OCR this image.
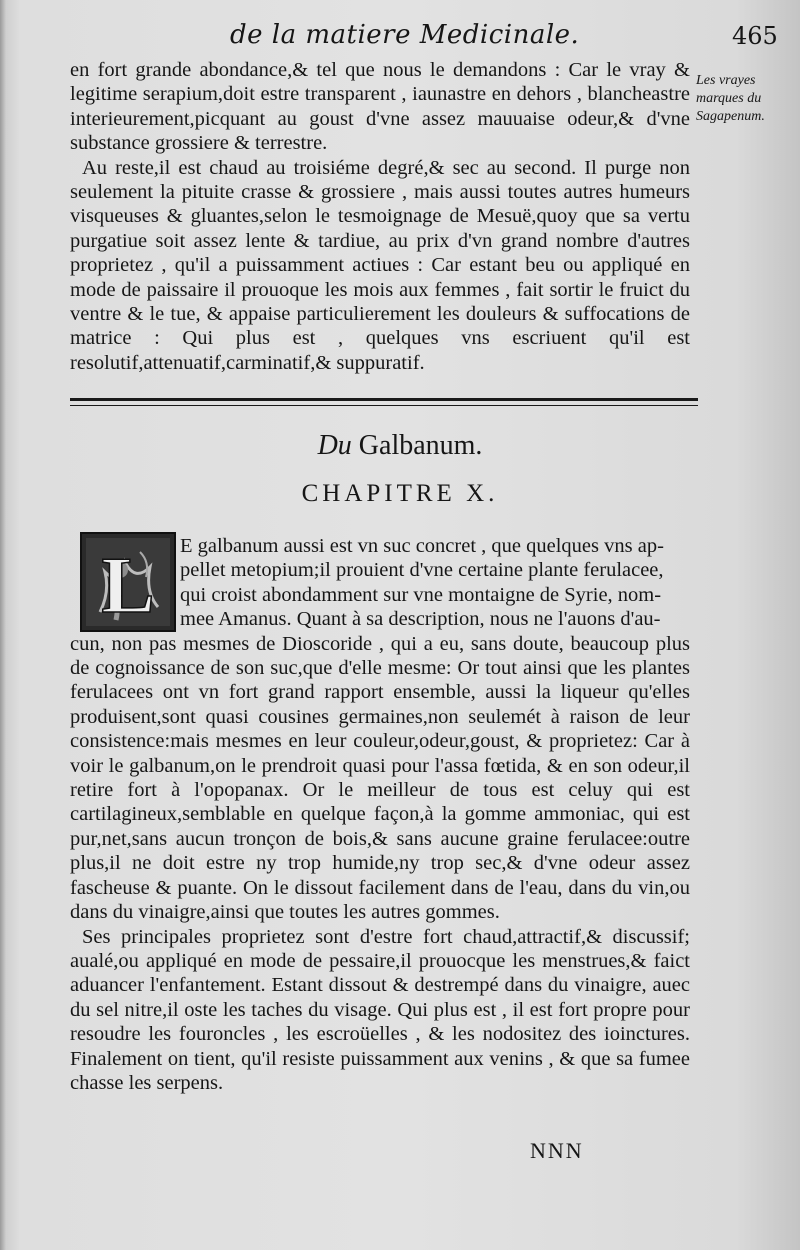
de la matiere Medicinale.	465

en fort grande abondance,& tel que nous le demandons : Car le vray & legitime serapium,doit estre transparent , iaunastre en dehors , blancheastre interieurement,picquant au goust d'vne assez mauuaise odeur,& d'vne substance grossiere & terrestre.

Au reste,il est chaud au troisiéme degré,& sec au second. Il purge non seulement la pituite crasse & grossiere , mais aussi toutes autres humeurs visqueuses & gluantes,selon le tesmoignage de Mesuë,quoy que sa vertu purgatiue soit assez lente & tardiue, au prix d'vn grand nombre d'autres proprietez , qu'il a puissamment actiues : Car estant beu ou appliqué en mode de paissaire il prouoque les mois aux femmes , fait sortir le fruict du ventre & le tue, & appaise particulierement les douleurs & suffocations de matrice : Qui plus est , quelques vns escriuent qu'il est resolutif,attenuatif,carminatif,& suppuratif.

Les vrayes marques du Sagapenum.
Du Galbanum.
CHAPITRE X.
L	E galbanum aussi est vn suc concret , que quelques vns ap-
pellet metopium;il prouient d'vne certaine plante ferulacee,
qui croist abondamment sur vne montaigne de Syrie, nom-
mee Amanus. Quant à sa description, nous ne l'auons d'au-

cun, non pas mesmes de Dioscoride , qui a eu, sans doute, beaucoup plus de cognoissance de son suc,que d'elle mesme: Or tout ainsi que les plantes ferulacees ont vn fort grand rapport ensemble, aussi la liqueur qu'elles produisent,sont quasi cousines germaines,non seulemét à raison de leur consistence:mais mesmes en leur couleur,odeur,goust, & proprietez: Car à voir le galbanum,on le prendroit quasi pour l'assa fœtida, & en son odeur,il retire fort à l'opopanax. Or le meilleur de tous est celuy qui est cartilagineux,semblable en quelque façon,à la gomme ammoniac, qui est pur,net,sans aucun tronçon de bois,& sans aucune graine ferulacee:outre plus,il ne doit estre ny trop humide,ny trop sec,& d'vne odeur assez fascheuse & puante. On le dissout facilement dans de l'eau, dans du vin,ou dans du vinaigre,ainsi que toutes les autres gommes.

Ses principales proprietez sont d'estre fort chaud,attractif,& discussif; aualé,ou appliqué en mode de pessaire,il prouocque les menstrues,& faict aduancer l'enfantement. Estant dissout & destrempé dans du vinaigre, auec du sel nitre,il oste les taches du visage. Qui plus est , il est fort propre pour resoudre les fouroncles , les escroüelles , & les nodositez des ioinctures. Finalement on tient, qu'il resiste puissamment aux venins , & que sa fumee chasse les serpens.

NNN
